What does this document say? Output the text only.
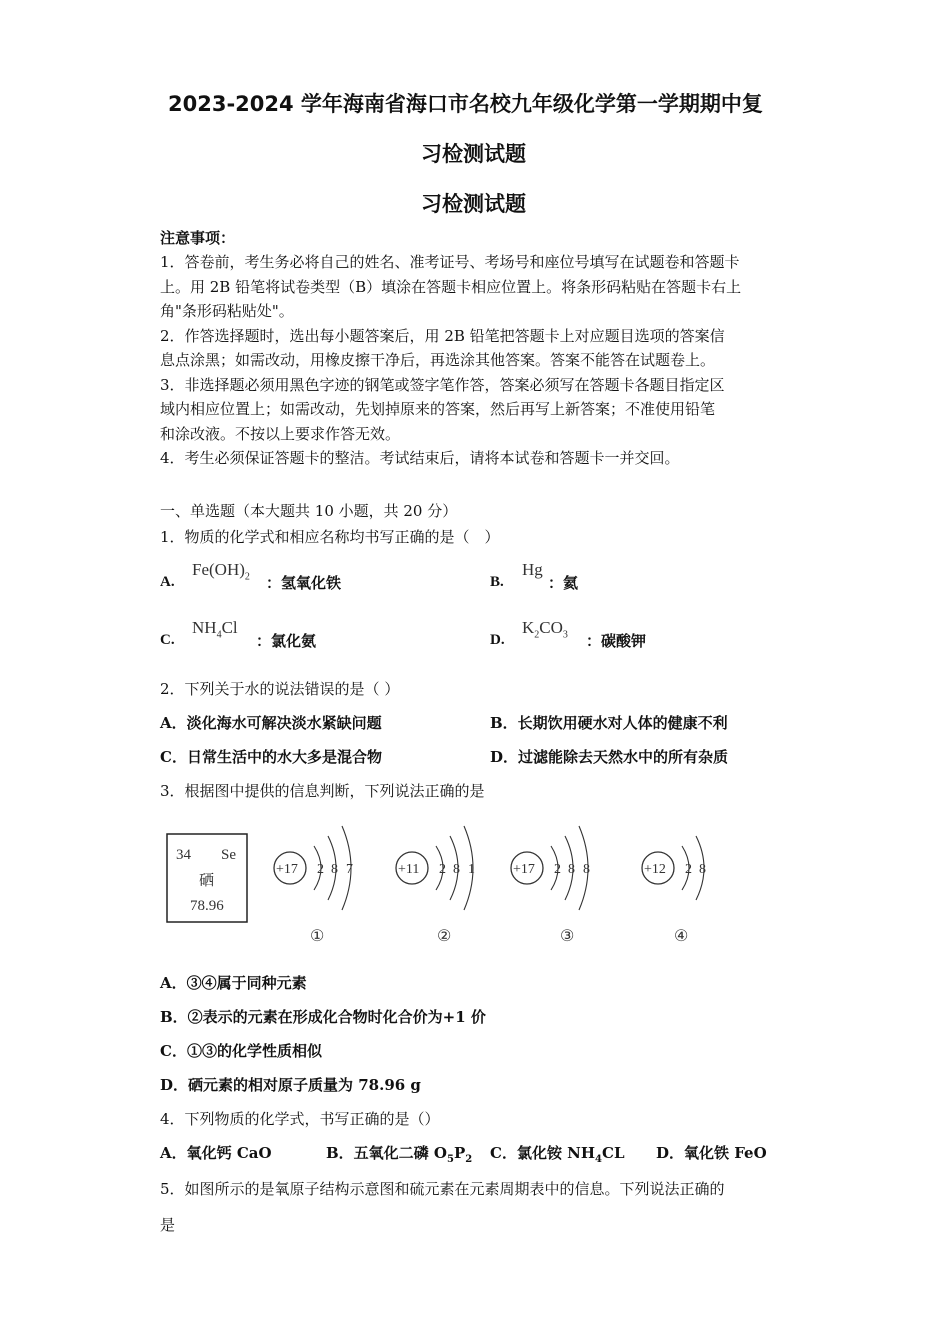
2023-2024 学年海南省海口市名校九年级化学第一学期期中复
习检测试题
习检测试题
注意事项：
1．答卷前，考生务必将自己的姓名、准考证号、考场号和座位号填写在试题卷和答题卡
上。用 2B 铅笔将试卷类型（B）填涂在答题卡相应位置上。将条形码粘贴在答题卡右上
角"条形码粘贴处"。
2．作答选择题时，选出每小题答案后，用 2B 铅笔把答题卡上对应题目选项的答案信
息点涂黑；如需改动，用橡皮擦干净后，再选涂其他答案。答案不能答在试题卷上。
3．非选择题必须用黑色字迹的钢笔或签字笔作答，答案必须写在答题卡各题目指定区
域内相应位置上；如需改动，先划掉原来的答案，然后再写上新答案；不准使用铅笔
和涂改液。不按以上要求作答无效。
4．考生必须保证答题卡的整洁。考试结束后，请将本试卷和答题卡一并交回。
一、单选题（本大题共 10 小题，共 20 分）
1．物质的化学式和相应名称均书写正确的是（　）
A.
$Fe(OH)_2$ ：氢氧化铁	B.
Hg
：氦
C.
$NH_4Cl$
：氯化氨	D.
$K_2CO_3$ ：碳酸钾
2．下列关于水的说法错误的是（ ）
A．淡化海水可解决淡水紧缺问题	B．长期饮用硬水对人体的健康不利
C．日常生活中的水大多是混合物	D．过滤能除去天然水中的所有杂质
3．根据图中提供的信息判断，下列说法正确的是
34 Se
硒
78.96
+17 2 8 7
①
+11 2 8 1
②
+17 2 8 8
③
+12 2 8
④
A．③④属于同种元素
B．②表示的元素在形成化合物时化合价为+1 价
C．①③的化学性质相似
D．硒元素的相对原子质量为 78.96 g
4．下列物质的化学式，书写正确的是（）
A．氧化钙 CaO	B．五氧化二磷 $O_5P_2$ C．氯化铵 $NH_4CL$ D．氧化铁 FeO
5．如图所示的是氧原子结构示意图和硫元素在元素周期表中的信息。下列说法正确的
是
